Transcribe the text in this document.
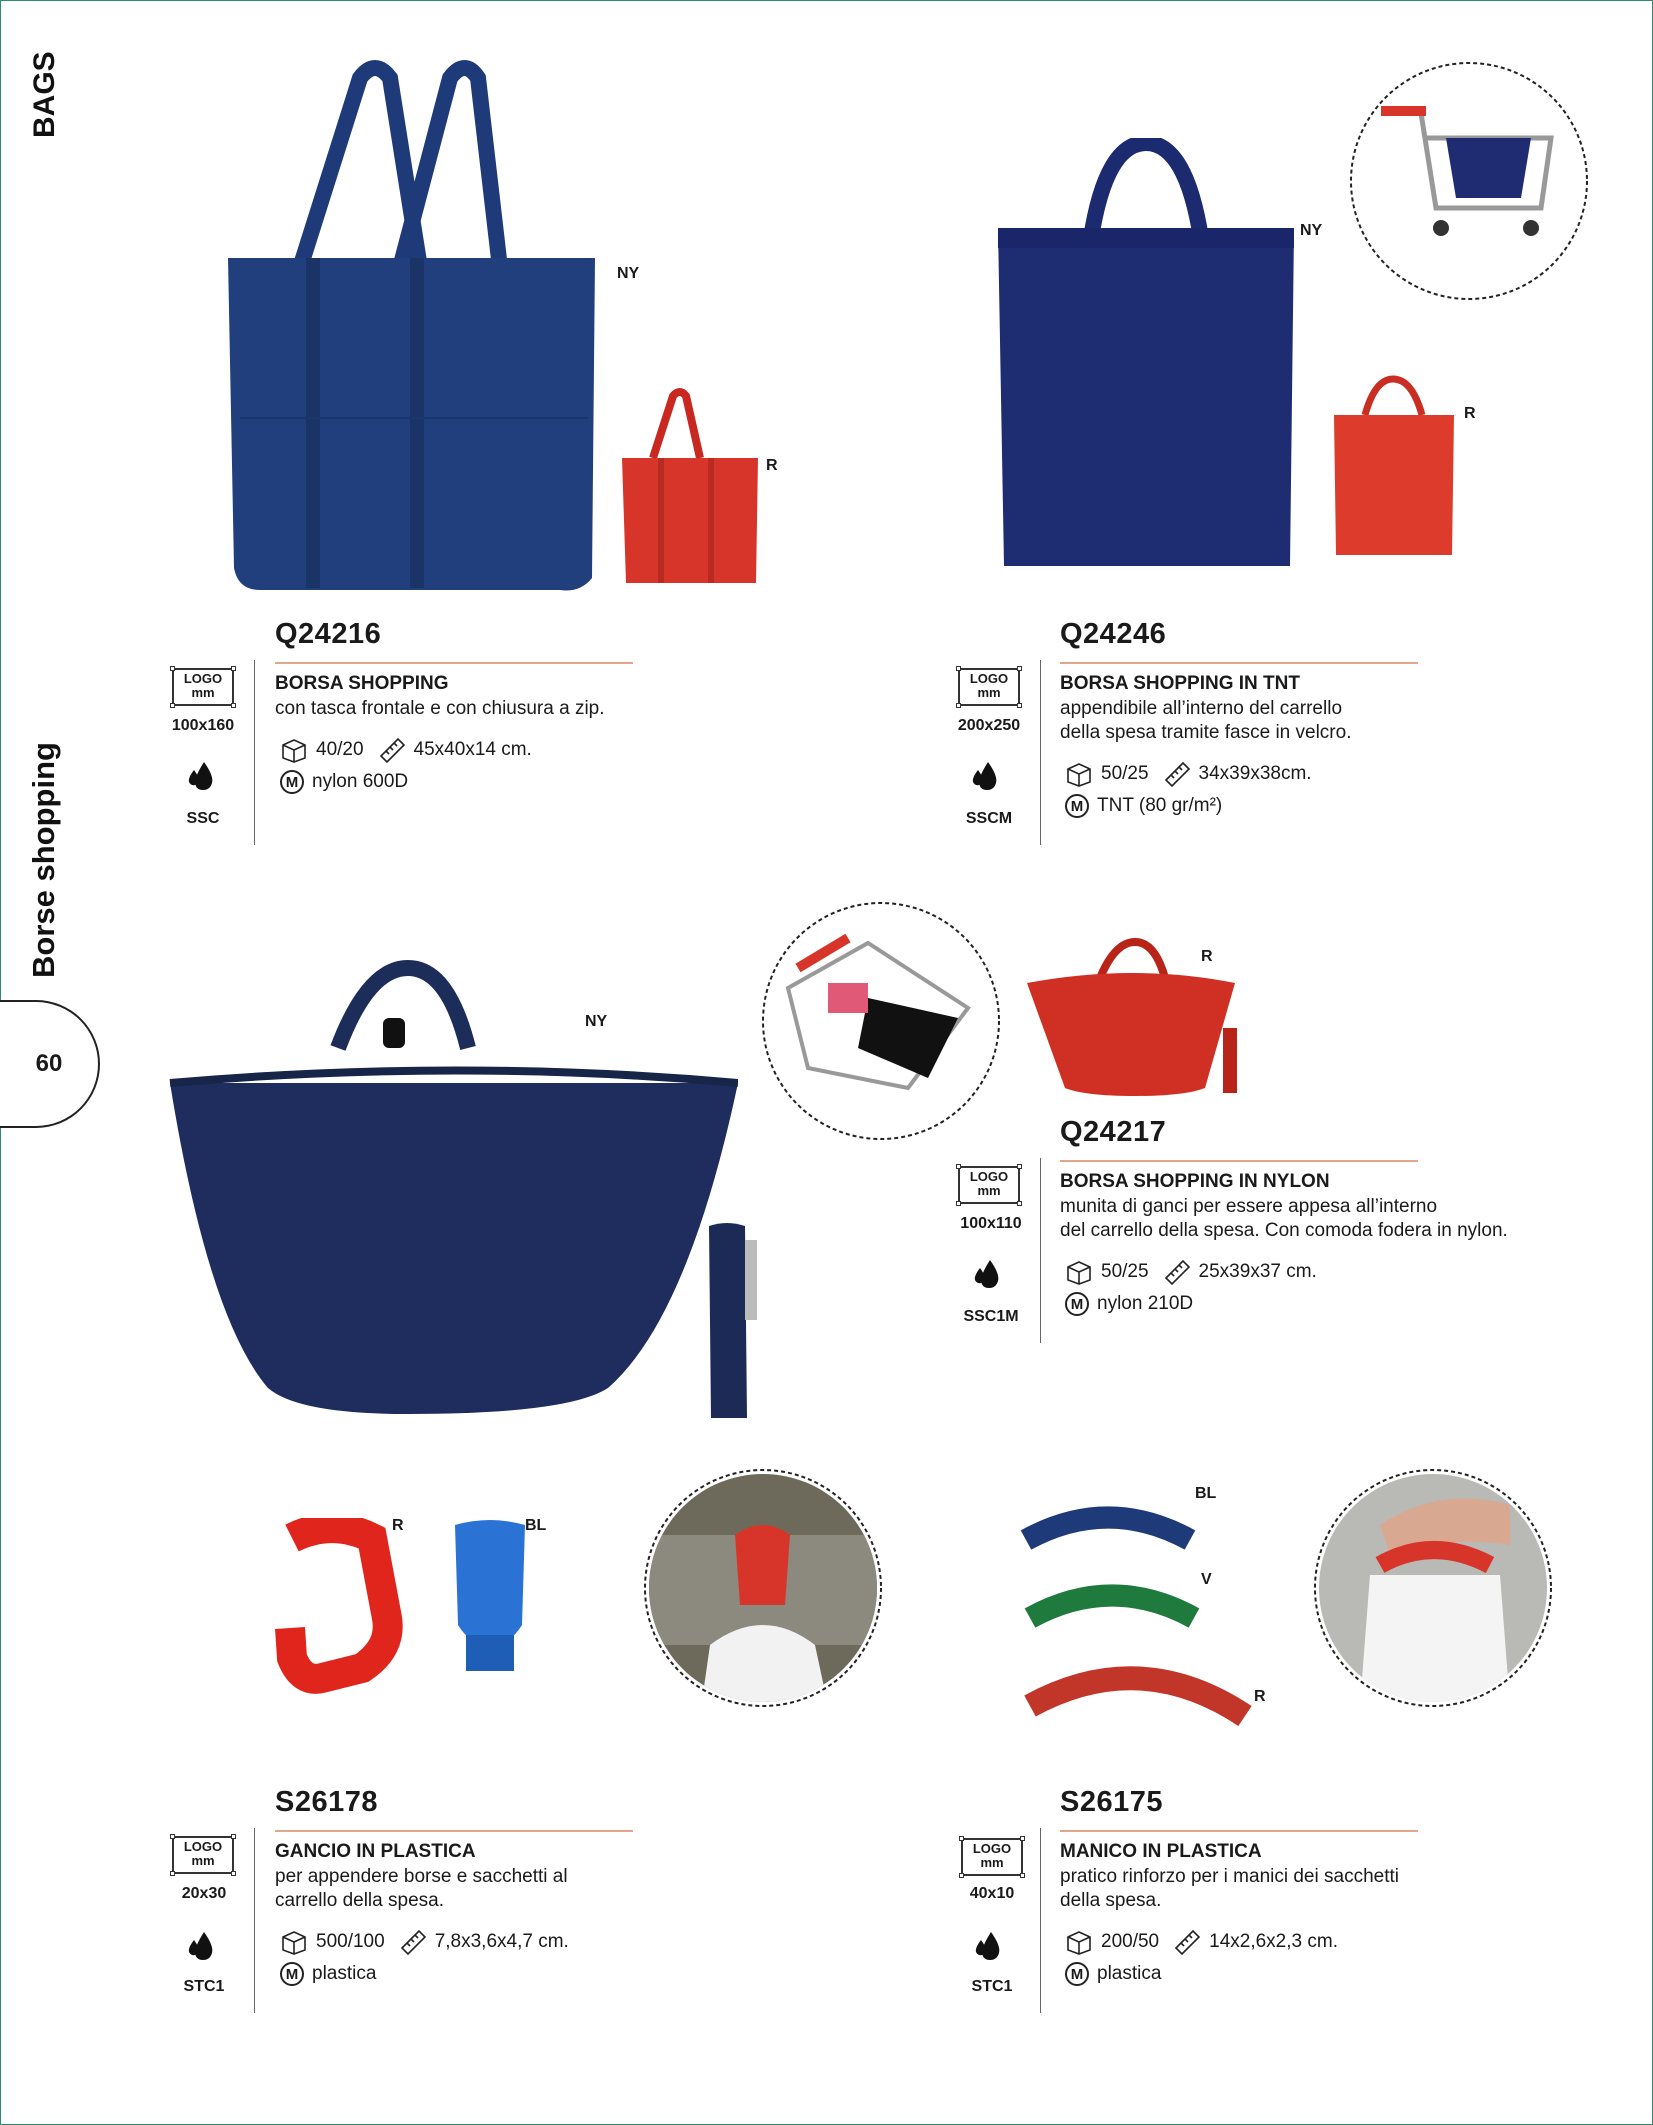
BAGS
Borse shopping
60
NY
R
NY
R
NY
R
R	BL
BL
V
R
Q24216
LOGO
mm
100x160
SSC
BORSA SHOPPING
con tasca frontale e con chiusura a zip.
40/20	45x40x14 cm.
M nylon 600D
Q24246
LOGO
mm
200x250
SSCM
BORSA SHOPPING IN TNT
appendibile all’interno del carrello
della spesa tramite fasce in velcro.
50/25	34x39x38cm.
M TNT (80 gr/m²)
Q24217
LOGO
mm
100x110
SSC1M
BORSA SHOPPING IN NYLON
munita di ganci per essere appesa all’interno
del carrello della spesa. Con comoda fodera in nylon.
50/25	25x39x37 cm.
M nylon 210D
S26178
LOGO
mm
20x30
STC1
GANCIO IN PLASTICA
per appendere borse e sacchetti al
carrello della spesa.
500/100	7,8x3,6x4,7 cm.
M plastica
S26175
LOGO
mm
40x10
STC1
MANICO IN PLASTICA
pratico rinforzo per i manici dei sacchetti
della spesa.
200/50	14x2,6x2,3 cm.
M plastica
